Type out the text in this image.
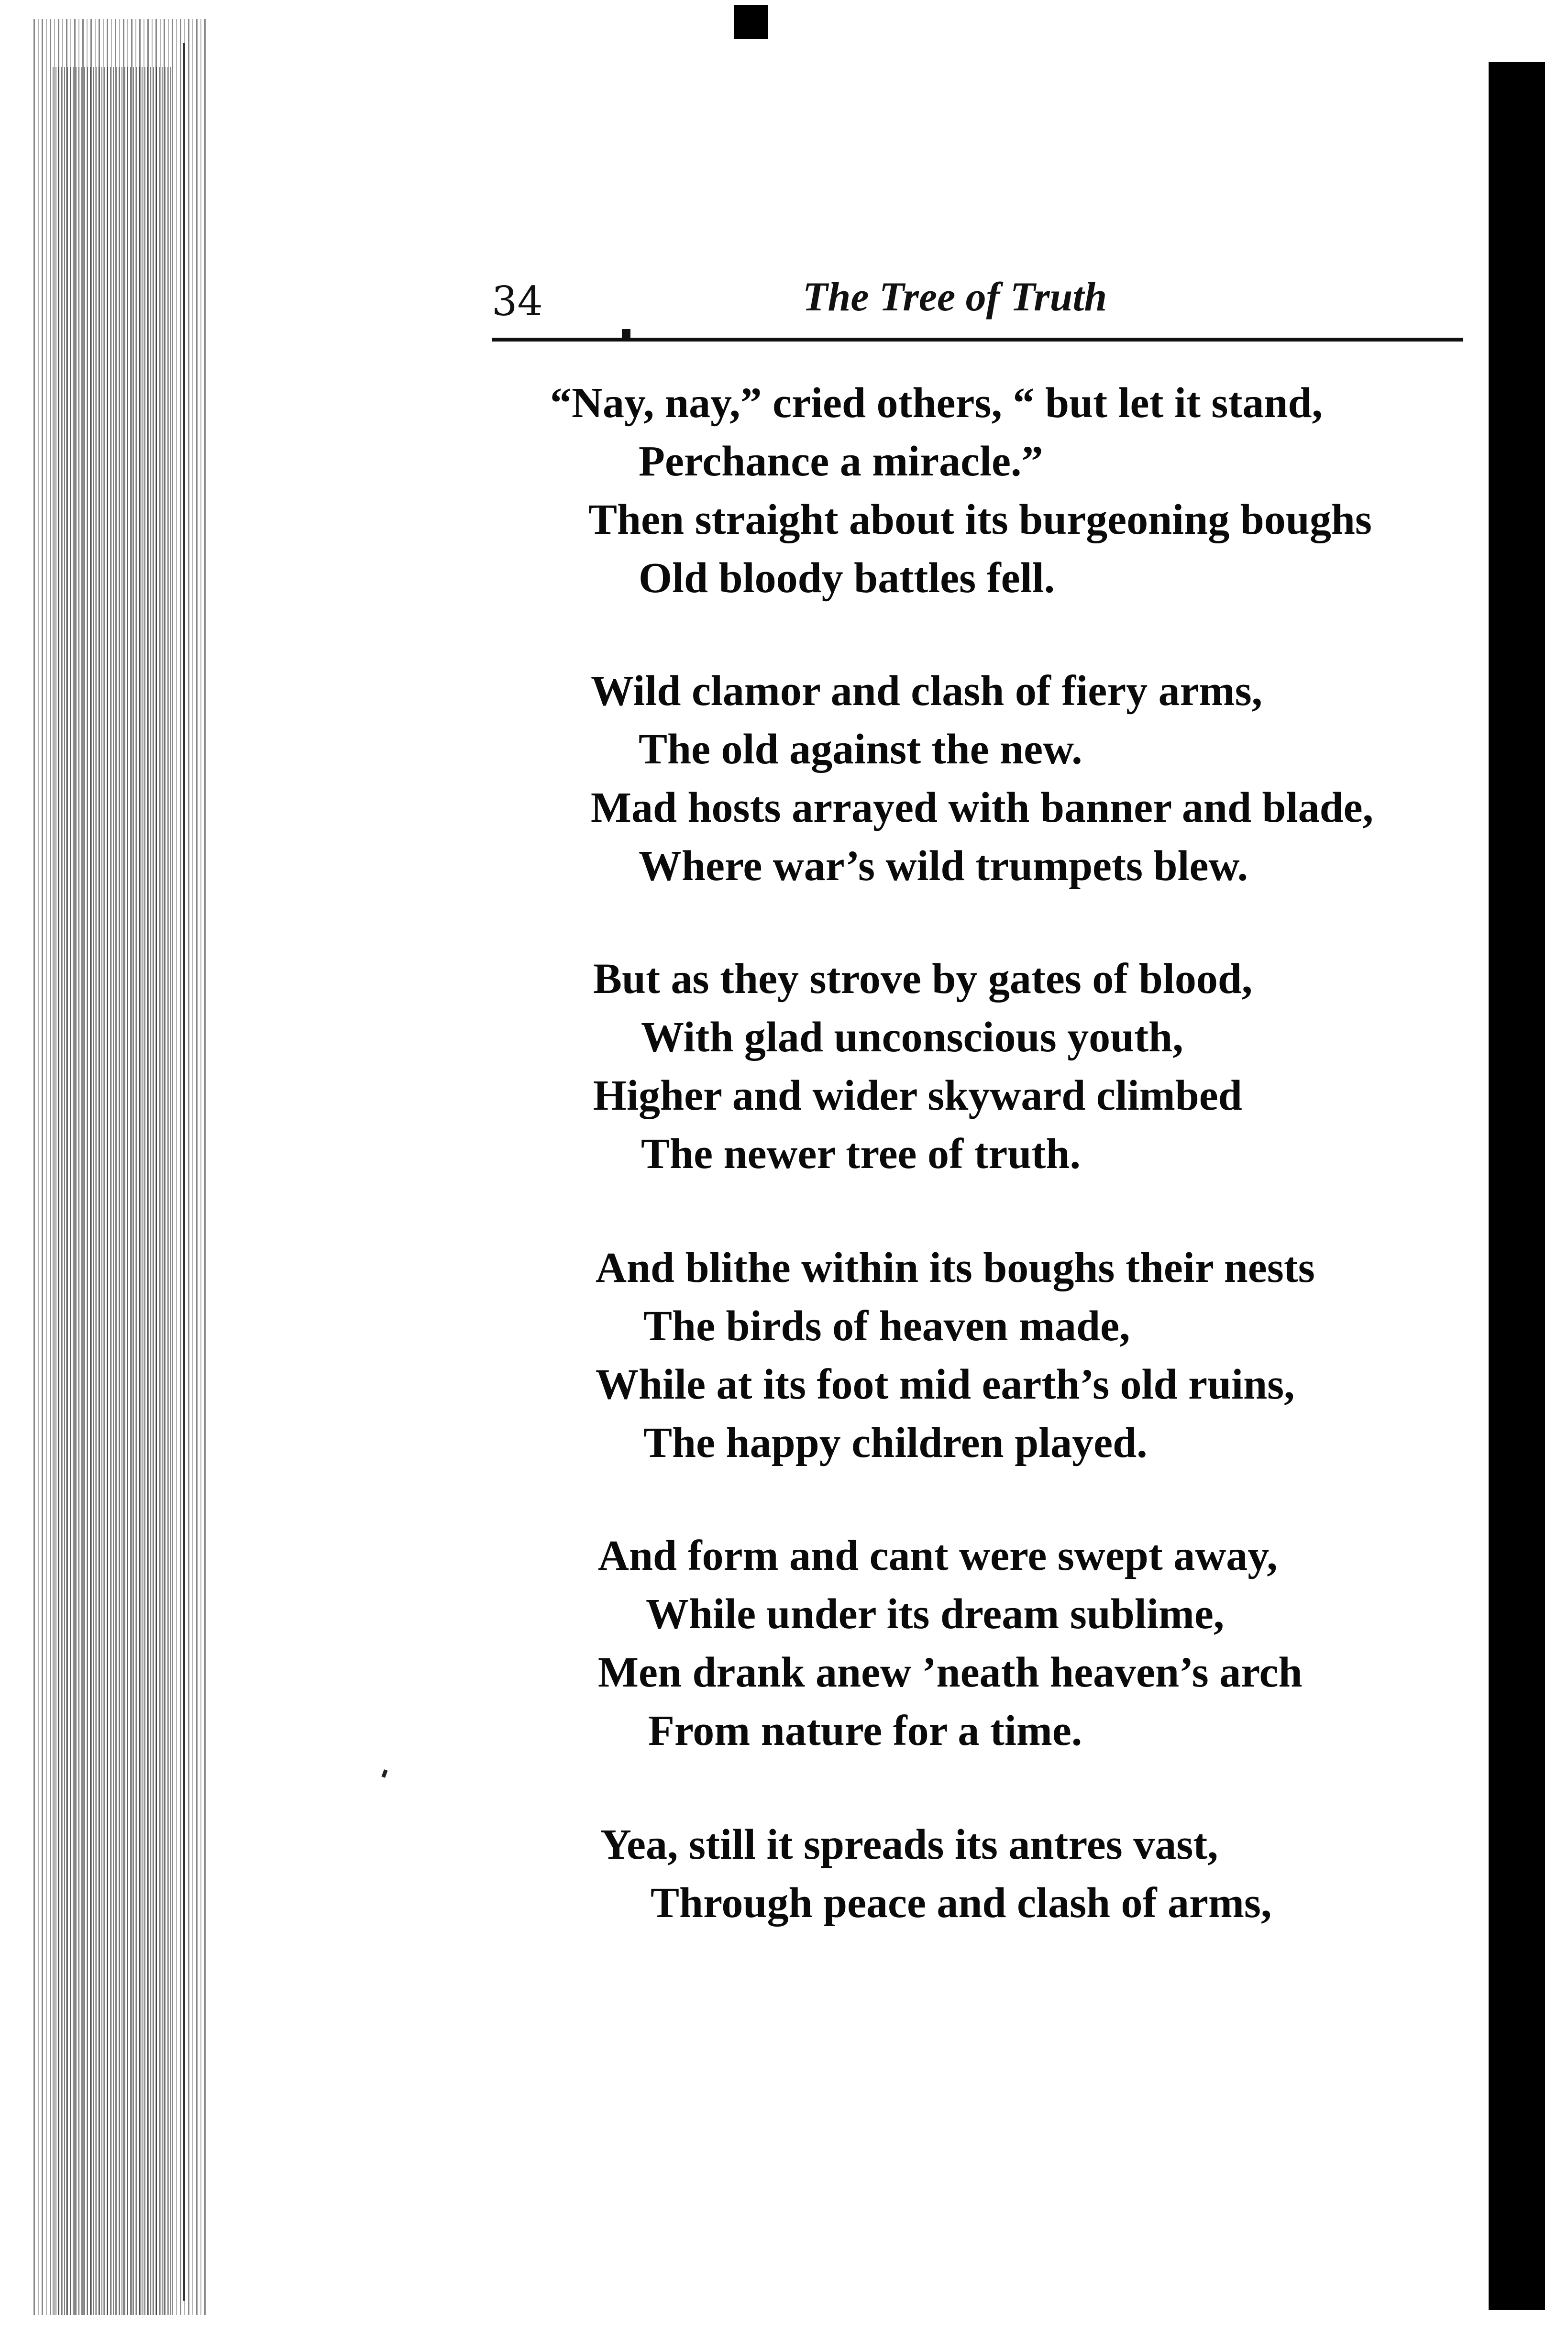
34	The Tree of Truth
“Nay, nay,” cried others, “ but let it stand,
Perchance a miracle.”
Then straight about its burgeoning boughs
Old bloody battles fell.
Wild clamor and clash of fiery arms,
The old against the new.
Mad hosts arrayed with banner and blade,
Where war’s wild trumpets blew.
But as they strove by gates of blood,
With glad unconscious youth,
Higher and wider skyward climbed
The newer tree of truth.
And blithe within its boughs their nests
The birds of heaven made,
While at its foot mid earth’s old ruins,
The happy children played.
And form and cant were swept away,
While under its dream sublime,
Men drank anew ’neath heaven’s arch
From nature for a time.
Yea, still it spreads its antres vast,
Through peace and clash of arms,
